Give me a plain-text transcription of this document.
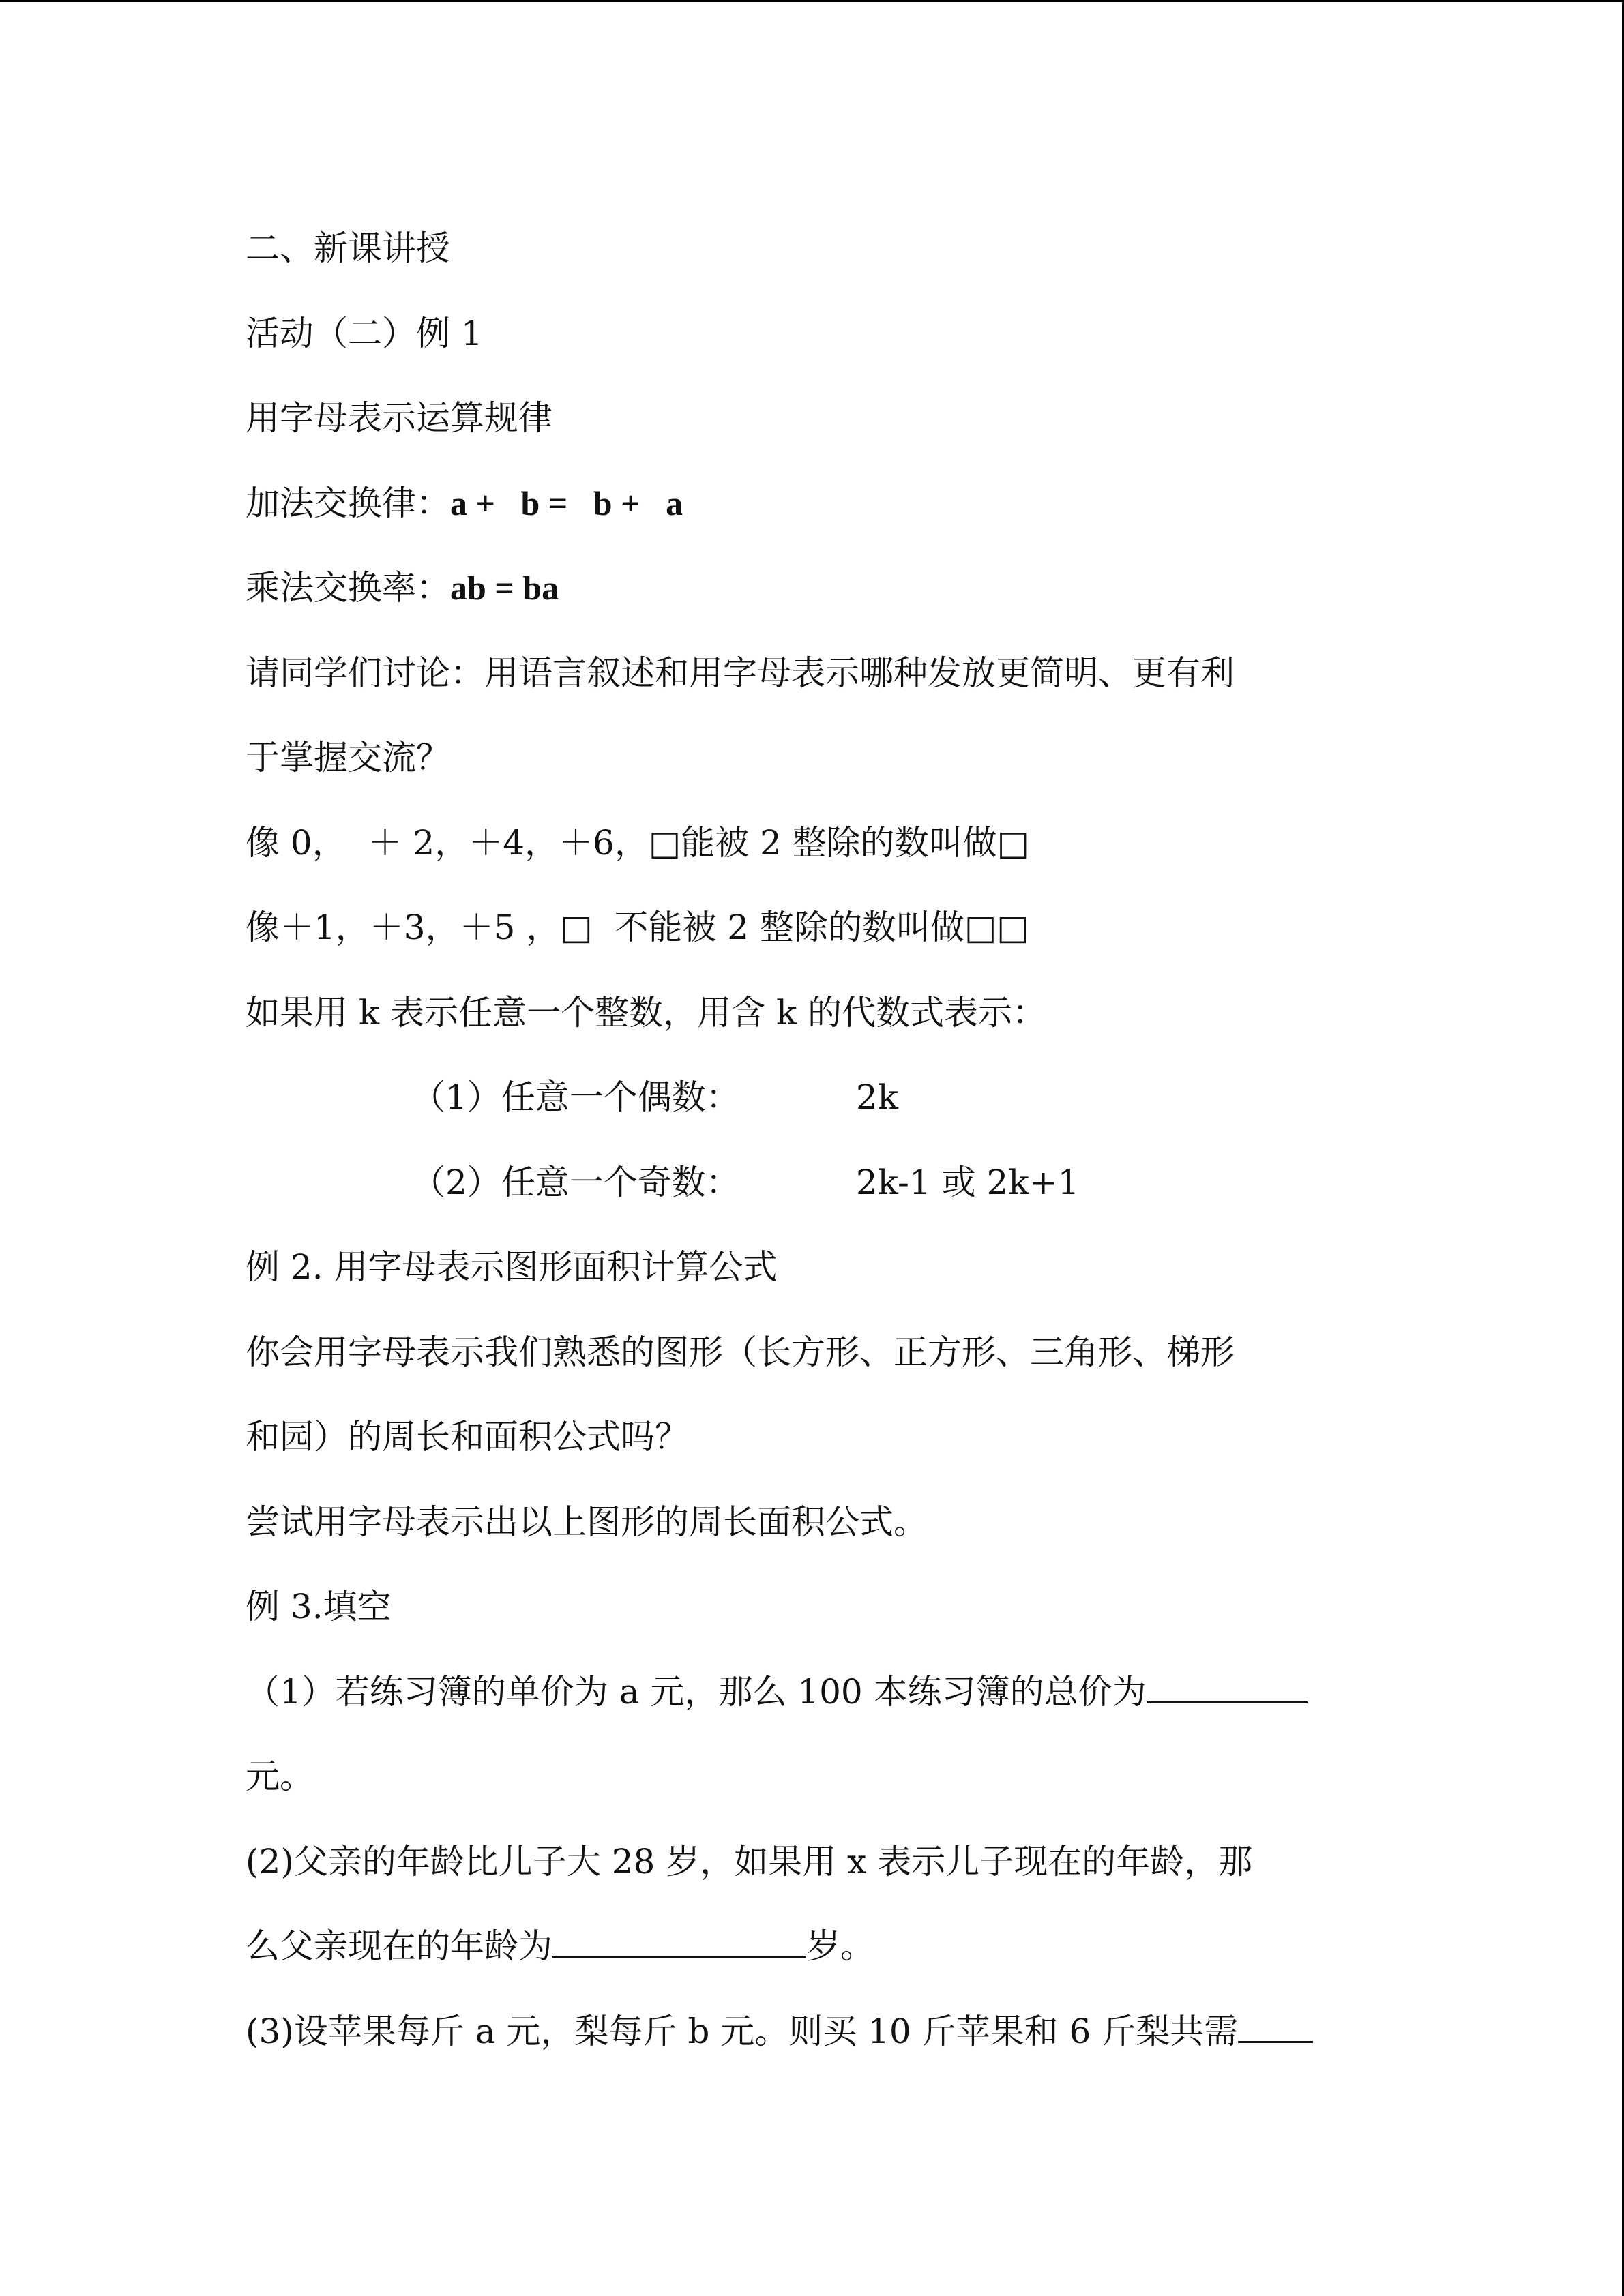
二、新课讲授
活动（二）例 1
用字母表示运算规律
加法交换律：a +   b =   b +   a
乘法交换率：ab = ba
请同学们讨论：用语言叙述和用字母表示哪种发放更简明、更有利
于掌握交流？
像 0，  ＋ 2，＋4，＋6，□能被 2 整除的数叫做□
像＋1，＋3，＋5 ，□  不能被 2 整除的数叫做□□
如果用 k 表示任意一个整数，用含 k 的代数式表示：
（1）任意一个偶数：	2k
（2）任意一个奇数：	2k-1 或 2k+1
例 2. 用字母表示图形面积计算公式
你会用字母表示我们熟悉的图形（长方形、正方形、三角形、梯形
和园）的周长和面积公式吗？
尝试用字母表示出以上图形的周长面积公式。
例 3.填空
（1）若练习簿的单价为 a 元，那么 100 本练习簿的总价为
元。
(2)父亲的年龄比儿子大 28 岁，如果用 x 表示儿子现在的年龄，那
么父亲现在的年龄为	岁。
(3)设苹果每斤 a 元，梨每斤 b 元。则买 10 斤苹果和 6 斤梨共需
